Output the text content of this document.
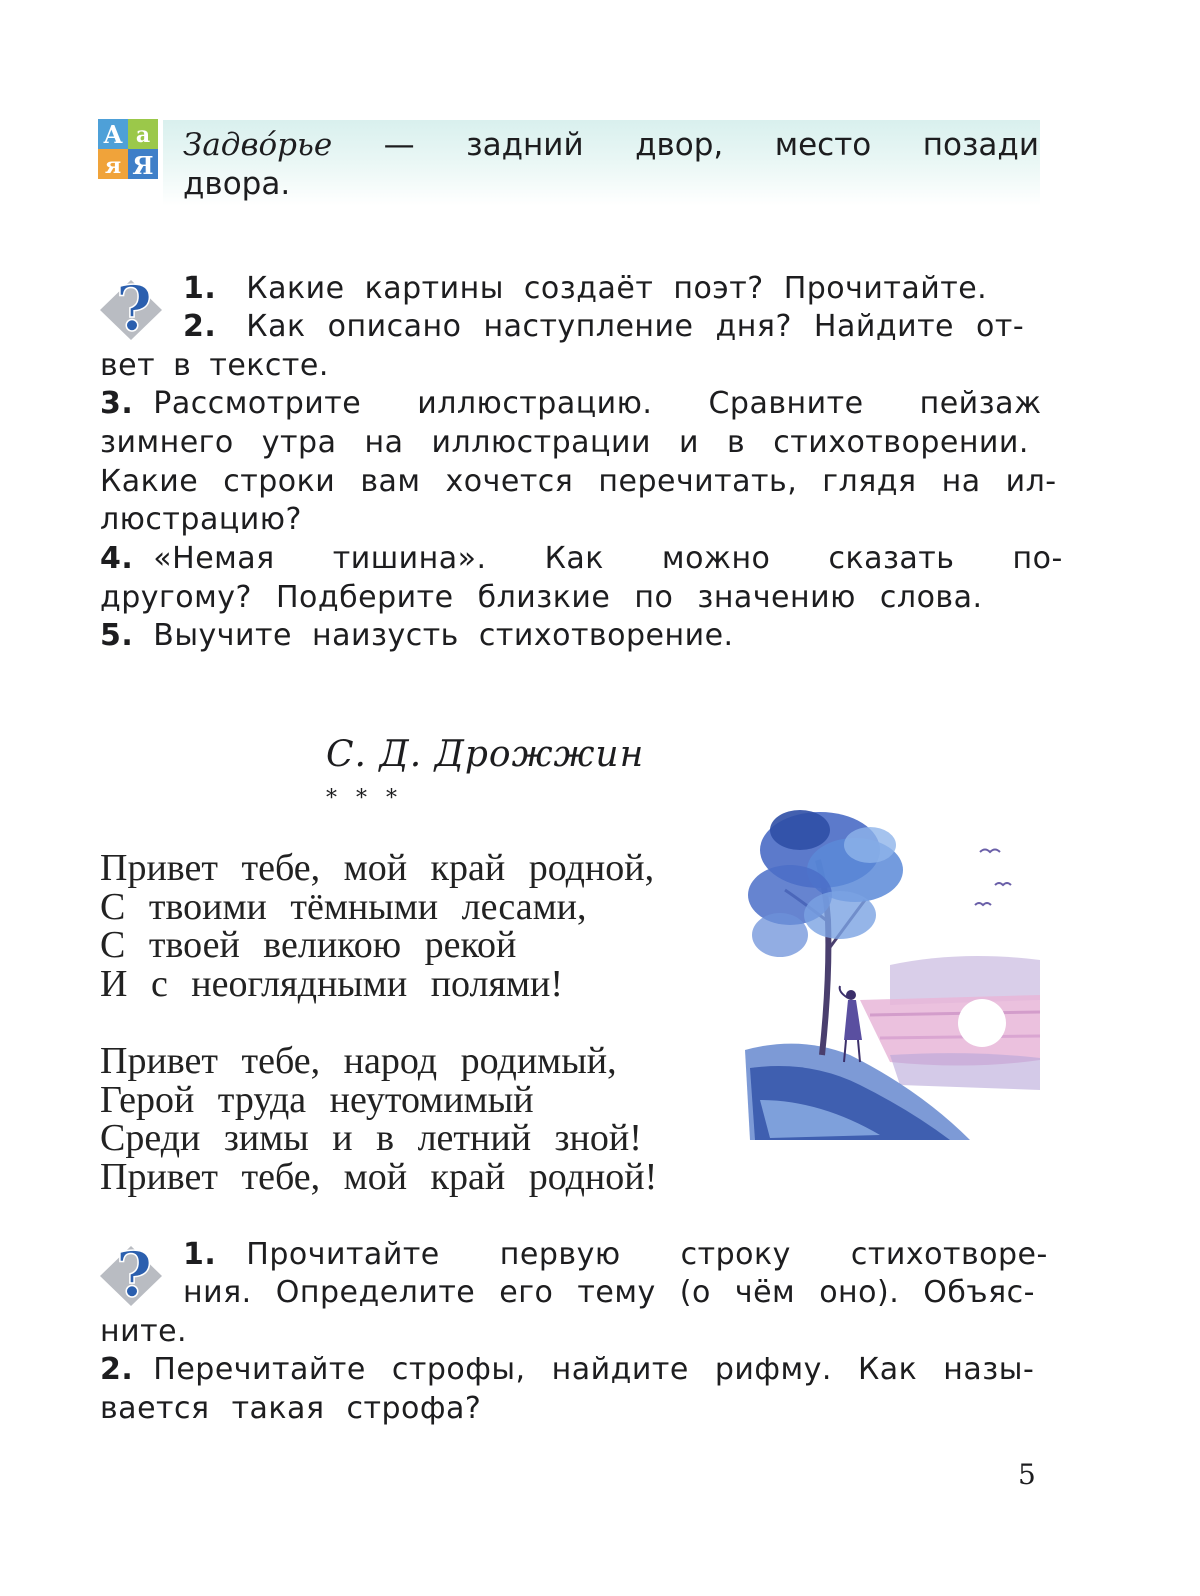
А а
я Я
Задвóрье — задний двор, место позади
двора.
? 1. Какие картины создаёт поэт? Прочитайте.
2. Как описано наступление дня? Найдите от-
вет в тексте.
3. Рассмотрите иллюстрацию. Сравните пейзаж
зимнего утра на иллюстрации и в стихотворении.
Какие строки вам хочется перечитать, глядя на ил-
люстрацию?
4. «Немая тишина». Как можно сказать по-
другому? Подберите близкие по значению слова.
5. Выучите наизусть стихотворение.
С. Д. Дрожжин
* * *
Привет тебе, мой край родной,
С твоими тёмными лесами,
С твоей великою рекой
И с неоглядными полями!
Привет тебе, народ родимый,
Герой труда неутомимый
Среди зимы и в летний зной!
Привет тебе, мой край родной!
? 1. Прочитайте первую строку стихотворе-
ния. Определите его тему (о чём оно). Объяс-
ните.
2. Перечитайте строфы, найдите рифму. Как назы-
вается такая строфа?
5
